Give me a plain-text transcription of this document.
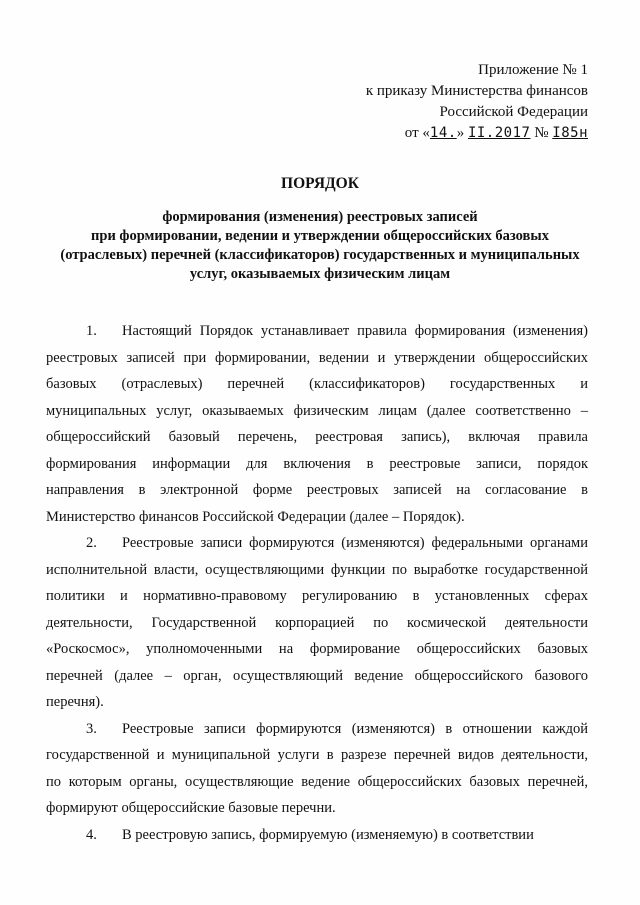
Приложение № 1
к приказу Министерства финансов
Российской Федерации
от «14.» II.2017 № I85н
ПОРЯДОК
формирования (изменения) реестровых записей
при формировании, ведении и утверждении общероссийских базовых
(отраслевых) перечней (классификаторов) государственных и муниципальных
услуг, оказываемых физическим лицам
1. Настоящий Порядок устанавливает правила формирования (изменения)
реестровых записей при формировании, ведении и утверждении общероссийских
базовых (отраслевых) перечней (классификаторов) государственных и
муниципальных услуг, оказываемых физическим лицам (далее соответственно –
общероссийский базовый перечень, реестровая запись), включая правила
формирования информации для включения в реестровые записи, порядок
направления в электронной форме реестровых записей на согласование в
Министерство финансов Российской Федерации (далее – Порядок).
2. Реестровые записи формируются (изменяются) федеральными органами
исполнительной власти, осуществляющими функции по выработке государственной
политики и нормативно-правовому регулированию в установленных сферах
деятельности, Государственной корпорацией по космической деятельности
«Роскосмос», уполномоченными на формирование общероссийских базовых
перечней (далее – орган, осуществляющий ведение общероссийского базового
перечня).
3. Реестровые записи формируются (изменяются) в отношении каждой
государственной и муниципальной услуги в разрезе перечней видов деятельности,
по которым органы, осуществляющие ведение общероссийских базовых перечней,
формируют общероссийские базовые перечни.
4. В реестровую запись, формируемую (изменяемую) в соответствии
